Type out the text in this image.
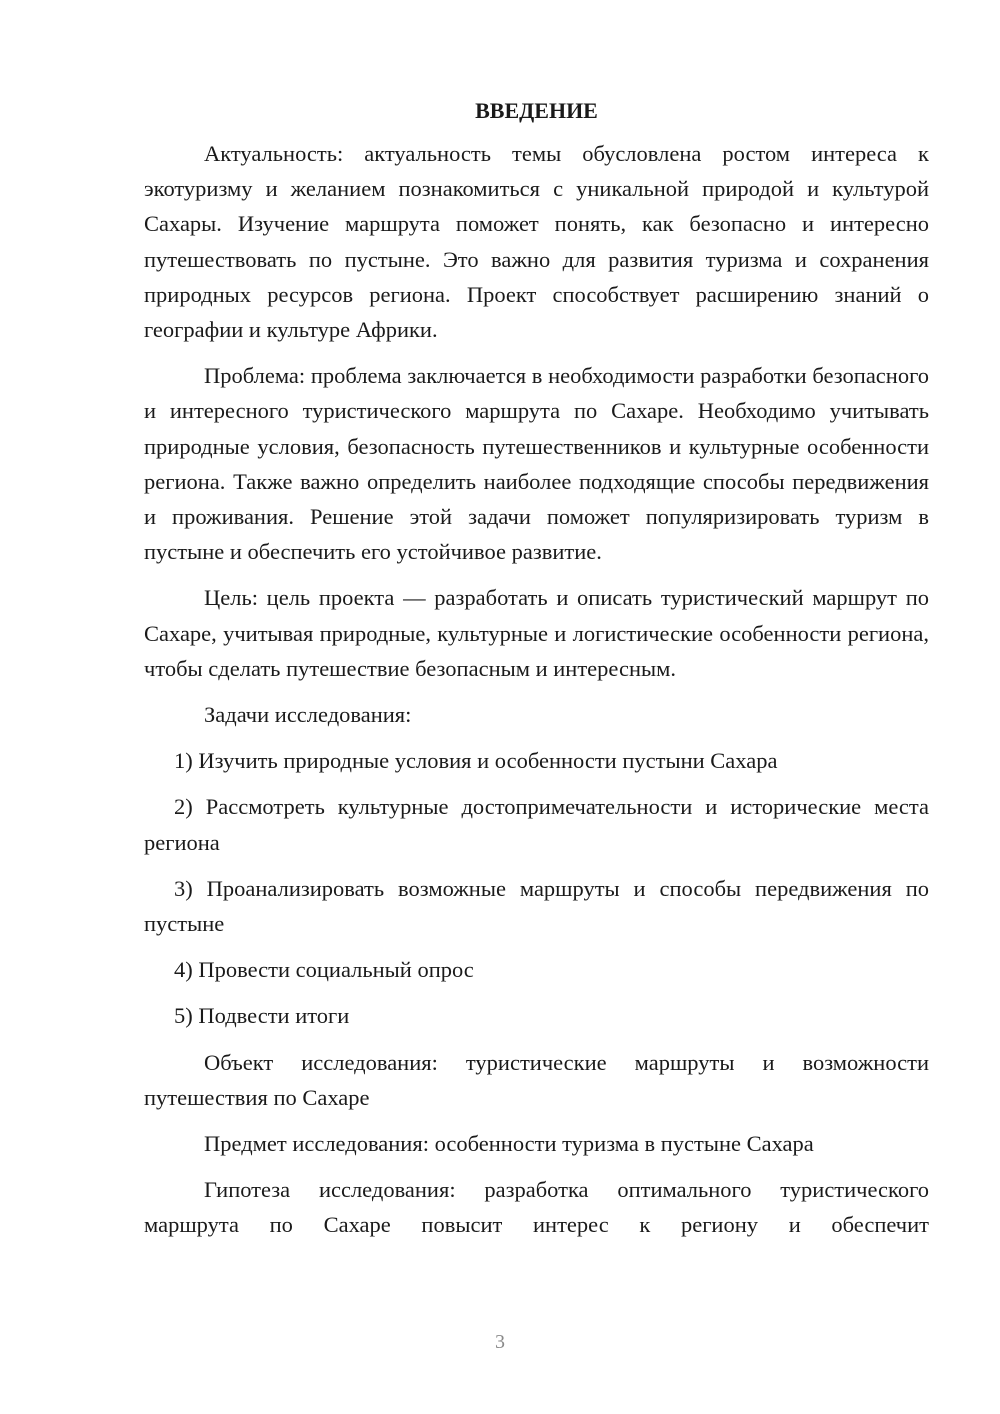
ВВЕДЕНИЕ

Актуальность: актуальность темы обусловлена ростом интереса к экотуризму и желанием познакомиться с уникальной природой и культурой Сахары. Изучение маршрута поможет понять, как безопасно и интересно путешествовать по пустыне. Это важно для развития туризма и сохранения природных ресурсов региона. Проект способствует расширению знаний о географии и культуре Африки.

Проблема: проблема заключается в необходимости разработки безопасного и интересного туристического маршрута по Сахаре. Необходимо учитывать природные условия, безопасность путешественников и культурные особенности региона. Также важно определить наиболее подходящие способы передвижения и проживания. Решение этой задачи поможет популяризировать туризм в пустыне и обеспечить его устойчивое развитие.

Цель: цель проекта — разработать и описать туристический маршрут по Сахаре, учитывая природные, культурные и логистические особенности региона, чтобы сделать путешествие безопасным и интересным.

Задачи исследования:

1) Изучить природные условия и особенности пустыни Сахара

2) Рассмотреть культурные достопримечательности и исторические места региона

3) Проанализировать возможные маршруты и способы передвижения по пустыне

4) Провести социальный опрос

5) Подвести итоги

Объект исследования: туристические маршруты и возможности путешествия по Сахаре

Предмет исследования: особенности туризма в пустыне Сахара

Гипотеза исследования: разработка оптимального туристического маршрута по Сахаре повысит интерес к региону и обеспечит

3
